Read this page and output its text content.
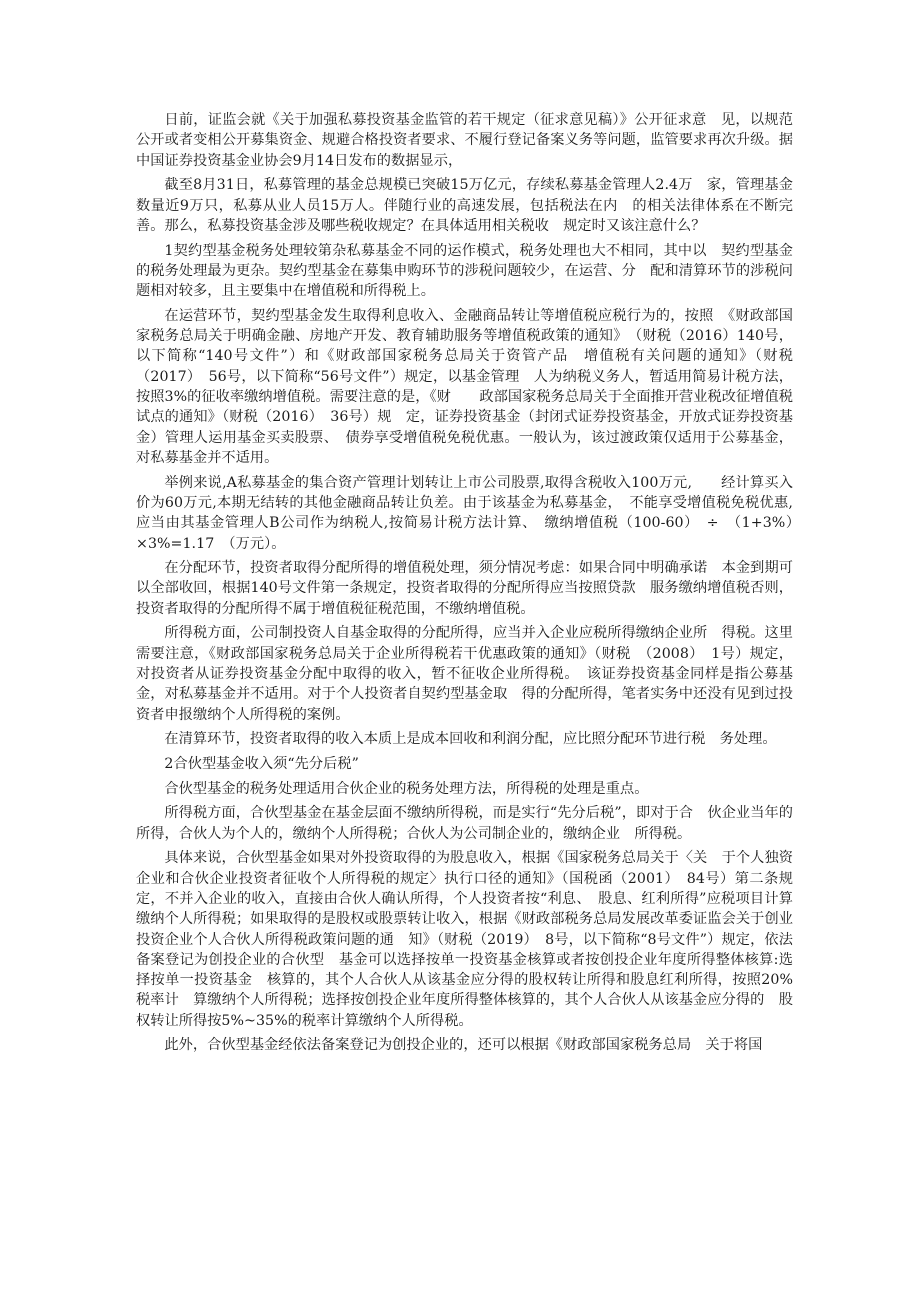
日前，证监会就《关于加强私募投资基金监管的若干规定（征求意见稿）》公开征求意　见，以规范公开或者变相公开募集资金、规避合格投资者要求、不履行登记备案义务等问题，监管要求再次升级。据中国证券投资基金业协会9月14日发布的数据显示，

截至8月31日，私募管理的基金总规模已突破15万亿元，存续私募基金管理人2.4万　家，管理基金数量近9万只，私募从业人员15万人。伴随行业的高速发展，包括税法在内　的相关法律体系在不断完善。那么，私募投资基金涉及哪些税收规定？在具体适用相关税收　规定时又该注意什么？

1契约型基金税务处理较第杂私募基金不同的运作模式，税务处理也大不相同，其中以　契约型基金的税务处理最为更杂。契约型基金在募集申购环节的涉税问题较少，在运营、分　配和清算环节的涉税问题相对较多，且主要集中在增值税和所得税上。

在运营环节，契约型基金发生取得利息收入、金融商品转让等增值税应税行为的，按照　《财政部国家税务总局关于明确金融、房地产开发、教育辅助服务等增值税政策的通知》　（财税（2016）140号，以下简称“140号文件”）和《财政部国家税务总局关于资管产品　增值税有关问题的通知》（财税（2017）　56号，以下简称“56号文件”）规定，以基金管理　人为纳税义务人，暂适用简易计税方法，按照3%的征收率缴纳增值税。需要注意的是，《财　　政部国家税务总局关于全面推开营业税改征增值税试点的通知》（财税（2016）　36号）规　定，证券投资基金（封闭式证券投资基金，开放式证券投资基金）管理人运用基金买卖股票、　债券享受增值税免税优惠。一般认为，该过渡政策仅适用于公募基金，对私募基金并不适用。

举例来说,A私募基金的集合资产管理计划转让上市公司股票,取得含税收入100万元,　　经计算买入价为60万元,本期无结转的其他金融商品转让负差。由于该基金为私募基金，　不能享受增值税免税优惠,应当由其基金管理人B公司作为纳税人,按简易计税方法计算、　缴纳增值税（100-60）　÷　（1+3%）　×3%=1.17　（万元）。

在分配环节，投资者取得分配所得的增值税处理，须分情况考虑：如果合同中明确承诺　本金到期可以全部收回，根据140号文件第一条规定，投资者取得的分配所得应当按照贷款　服务缴纳增值税否则，投资者取得的分配所得不属于增值税征税范围，不缴纳增值税。

所得税方面，公司制投资人自基金取得的分配所得，应当并入企业应税所得缴纳企业所　得税。这里需要注意，《财政部国家税务总局关于企业所得税若干优惠政策的通知》（财税　（2008）　1号）规定，对投资者从证券投资基金分配中取得的收入，暂不征收企业所得税。　该证券投资基金同样是指公募基金，对私募基金并不适用。对于个人投资者自契约型基金取　得的分配所得，笔者实务中还没有见到过投资者申报缴纳个人所得税的案例。

在清算环节，投资者取得的收入本质上是成本回收和利润分配，应比照分配环节进行税　务处理。

2合伙型基金收入须“先分后税”

合伙型基金的税务处理适用合伙企业的税务处理方法，所得税的处理是重点。

所得税方面，合伙型基金在基金层面不缴纳所得税，而是实行“先分后税”，即对于合　伙企业当年的所得，合伙人为个人的，缴纳个人所得税；合伙人为公司制企业的，缴纳企业　所得税。

具体来说，合伙型基金如果对外投资取得的为股息收入，根据《国家税务总局关于〈关　于个人独资企业和合伙企业投资者征收个人所得税的规定〉执行口径的通知》（国税函（2001）　84号）第二条规定，不并入企业的收入，直接由合伙人确认所得，个人投资者按“利息、　股息、红利所得”应税项目计算缴纳个人所得税；如果取得的是股权或股票转让收入，根据《财政部税务总局发展改革委证监会关于创业投资企业个人合伙人所得税政策问题的通　知》（财税（2019）　8号，以下简称“8号文件”）规定，依法备案登记为创投企业的合伙型　基金可以选择按单一投资基金核算或者按创投企业年度所得整体核算:选择按单一投资基金　核算的，其个人合伙人从该基金应分得的股权转让所得和股息红利所得，按照20%税率计　算缴纳个人所得税；选择按创投企业年度所得整体核算的，其个人合伙人从该基金应分得的　股权转让所得按5%~35%的税率计算缴纳个人所得税。

此外，合伙型基金经依法备案登记为创投企业的，还可以根据《财政部国家税务总局　关于将国
